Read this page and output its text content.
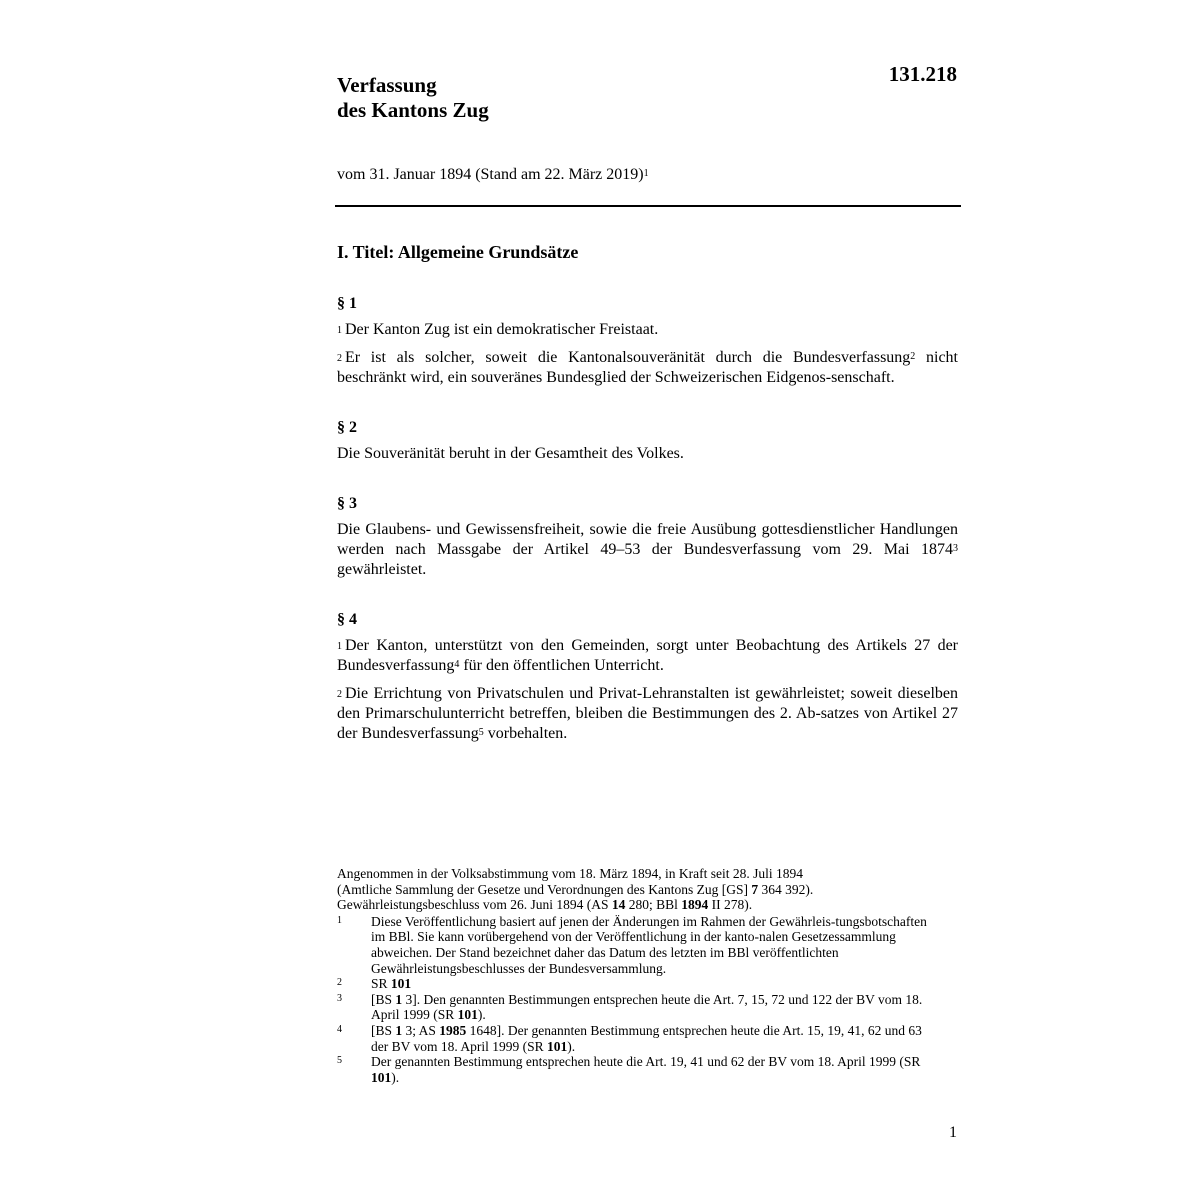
131.218
Verfassung
des Kantons Zug
vom 31. Januar 1894 (Stand am 22. März 2019)$^1$
I. Titel: Allgemeine Grundsätze
§ 1

$^1$ Der Kanton Zug ist ein demokratischer Freistaat.

$^2$ Er ist als solcher, soweit die Kantonalsouveränität durch die Bundesverfassung$^2$ nicht beschränkt wird, ein souveränes Bundesglied der Schweizerischen Eidgenos-senschaft.

§ 2

Die Souveränität beruht in der Gesamtheit des Volkes.

§ 3

Die Glaubens- und Gewissensfreiheit, sowie die freie Ausübung gottesdienstlicher Handlungen werden nach Massgabe der Artikel 49–53 der Bundesverfassung vom 29. Mai 1874$^3$ gewährleistet.

§ 4

$^1$ Der Kanton, unterstützt von den Gemeinden, sorgt unter Beobachtung des Artikels 27 der Bundesverfassung$^4$ für den öffentlichen Unterricht.

$^2$ Die Errichtung von Privatschulen und Privat-Lehranstalten ist gewährleistet; soweit dieselben den Primarschulunterricht betreffen, bleiben die Bestimmungen des 2. Ab-satzes von Artikel 27 der Bundesverfassung$^5$ vorbehalten.

Angenommen in der Volksabstimmung vom 18. März 1894, in Kraft seit 28. Juli 1894

(Amtliche Sammlung der Gesetze und Verordnungen des Kantons Zug [GS] 7 364 392).

Gewährleistungsbeschluss vom 26. Juni 1894 (AS 14 280; BBl 1894 II 278).

1	Diese Veröffentlichung basiert auf jenen der Änderungen im Rahmen der Gewährleis-tungsbotschaften im BBl. Sie kann vorübergehend von der Veröffentlichung in der kanto-nalen Gesetzessammlung abweichen. Der Stand bezeichnet daher das Datum des letzten im BBl veröffentlichten Gewährleistungsbeschlusses der Bundesversammlung.
2	SR 101
3	[BS 1 3]. Den genannten Bestimmungen entsprechen heute die Art. 7, 15, 72 und 122 der BV vom 18. April 1999 (SR 101).
4	[BS 1 3; AS 1985 1648]. Der genannten Bestimmung entsprechen heute die Art. 15, 19, 41, 62 und 63 der BV vom 18. April 1999 (SR 101).
5	Der genannten Bestimmung entsprechen heute die Art. 19, 41 und 62 der BV vom 18. April 1999 (SR 101).
1
